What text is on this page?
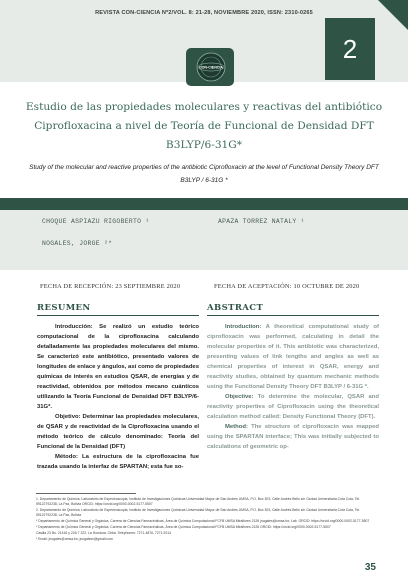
REVISTA CON-CIENCIA Nº2/VOL. 8: 21-28, NOVIEMBRE 2020, ISSN: 2310-0265
2
CON-CIENCIA
Estudio de las propiedades moleculares y reactivas del antibiótico Ciprofloxacina a nivel de Teoría de Funcional de Densidad DFT B3LYP/6-31G*
Study of the molecular and reactive properties of the antibiotic Ciprofloxacin at the level of Functional Density Theory DFT B3LYP / 6-31G *
CHOQUE ASPIAZU RIGOBERTO ¹	APAZA TORREZ NATALY ¹
NOGALES, JORGE ²*
FECHA DE RECEPCIÓN: 23 SEPTIEMBRE 2020	FECHA DE ACEPTACIÓN: 10 OCTUBRE DE 2020
RESUMEN

Introducción: Se realizó un estudio teórico computacional de la ciprofloxacina calculando detalladamente las propiedades moleculares del mismo. Se caracterizó este antibiótico, presentado valores de longitudes de enlace y ángulos, así como de propiedades químicas de interés en estudios QSAR, de energías y de reactividad, obtenidos por métodos mecano cuánticos utilizando la Teoría Funcional de Densidad DFT B3LYP/6-31G*.

Objetivo: Determinar las propiedades moleculares, de QSAR y de reactividad de la Ciprofloxacina usando el método teórico de cálculo denominado: Teoría del Funcional de la Densidad (DFT)

Método: La estructura de la ciprofloxacina fue trazada usando la interfaz de SPARTAN; esta fue so-

ABSTRACT

Introduction: A theoretical computational study of ciprofloxacin was performed, calculating in detail the molecular properties of it. This antibiotic was characterized, presenting values of link lengths and angles as well as chemical properties of interest in QSAR, energy and reactivity studies, obtained by quantum mechanic methods using the Functional Density Theory DFT B3LYP / 6-31G *.

Objective: To determine the molecular, QSAR and reactivity properties of Ciprofloxacin using the theoretical calculation method called: Density Functional Theory (DFT).

Method: The structure of ciprofloxacin was mapped using the SPARTAN interface; This was initially subjected to calculations of geometric op-

1. Departamento de Química, Laboratorio de Espectroscopia, Instituto de Investigaciones Químicas Universidad Mayor de San Andrés UMSA, P.O. Box 303, Calle Andrés Bello s/n Ciudad Universitaria Cota Cota, Tel. 59122792238, La Paz, Bolivia ORCID: https://orcid.org/0000-0002-5177-5507
2. Departamento de Química, Laboratorio de Espectroscopia, Instituto de Investigaciones Químicas Universidad Mayor de San Andrés UMSA, P.O. Box 303, Calle Andrés Bello s/n Ciudad Universitaria Cota Cota, Tel. 59122792238, La Paz, Bolivia
* Departamento de Química General y Orgánica, Carrera de Ciencias Farmacéuticas, Área de Química Computacional FCFB UMSA Miraflores 2126 jnogales@umsa.bo; Lab. ORCID: https://orcid.org/0000-0002-5177-5507
* Departamento de Química General y Orgánica, Carrera de Ciencias Farmacéuticas, Área de Química Computacional FCFB UMSA Miraflores 2126 ORCID: https://orcid.org/0000-0002-5177-5507
Casilla 23 Bo. 21416 y 22A 7 222, La Hondura. Cbba. Telephones: 7271-4876, 7271-9214
* Email: jnogales@umsa.bo; jnogalesv@gmail.com
35
